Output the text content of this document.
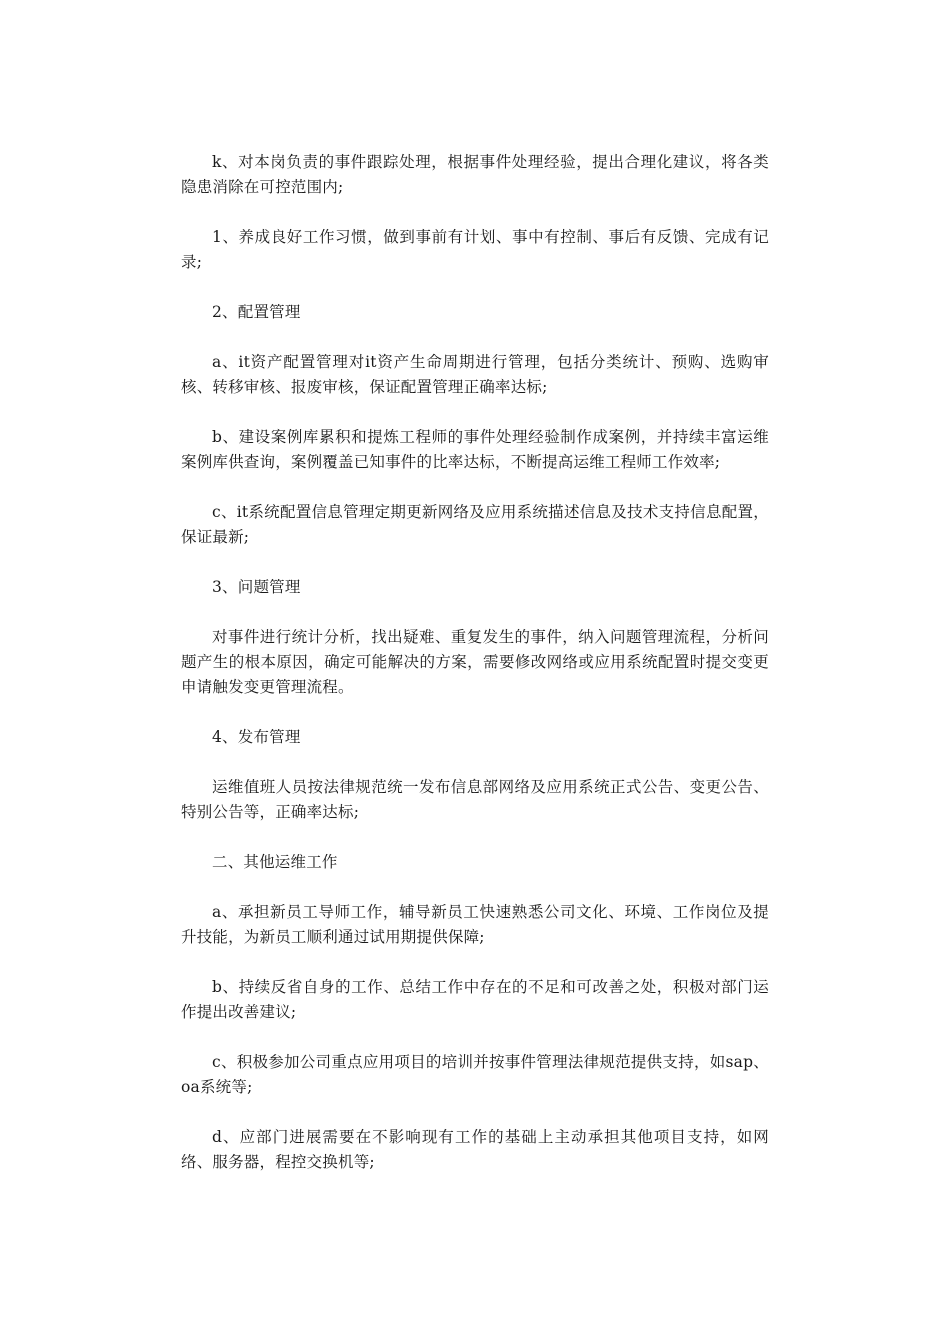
k、对本岗负责的事件跟踪处理，根据事件处理经验，提出合理化建议，将各类隐患消除在可控范围内;

1、养成良好工作习惯，做到事前有计划、事中有控制、事后有反馈、完成有记录;

2、配置管理

a、it资产配置管理对it资产生命周期进行管理，包括分类统计、预购、选购审核、转移审核、报废审核，保证配置管理正确率达标;

b、建设案例库累积和提炼工程师的事件处理经验制作成案例，并持续丰富运维案例库供查询，案例覆盖已知事件的比率达标，不断提高运维工程师工作效率;

c、it系统配置信息管理定期更新网络及应用系统描述信息及技术支持信息配置，保证最新;

3、问题管理

对事件进行统计分析，找出疑难、重复发生的事件，纳入问题管理流程，分析问题产生的根本原因，确定可能解决的方案，需要修改网络或应用系统配置时提交变更申请触发变更管理流程。

4、发布管理

运维值班人员按法律规范统一发布信息部网络及应用系统正式公告、变更公告、特别公告等，正确率达标;

二、其他运维工作

a、承担新员工导师工作，辅导新员工快速熟悉公司文化、环境、工作岗位及提升技能，为新员工顺利通过试用期提供保障;

b、持续反省自身的工作、总结工作中存在的不足和可改善之处，积极对部门运作提出改善建议;

c、积极参加公司重点应用项目的培训并按事件管理法律规范提供支持，如sap、oa系统等;

d、应部门进展需要在不影响现有工作的基础上主动承担其他项目支持，如网络、服务器，程控交换机等;
